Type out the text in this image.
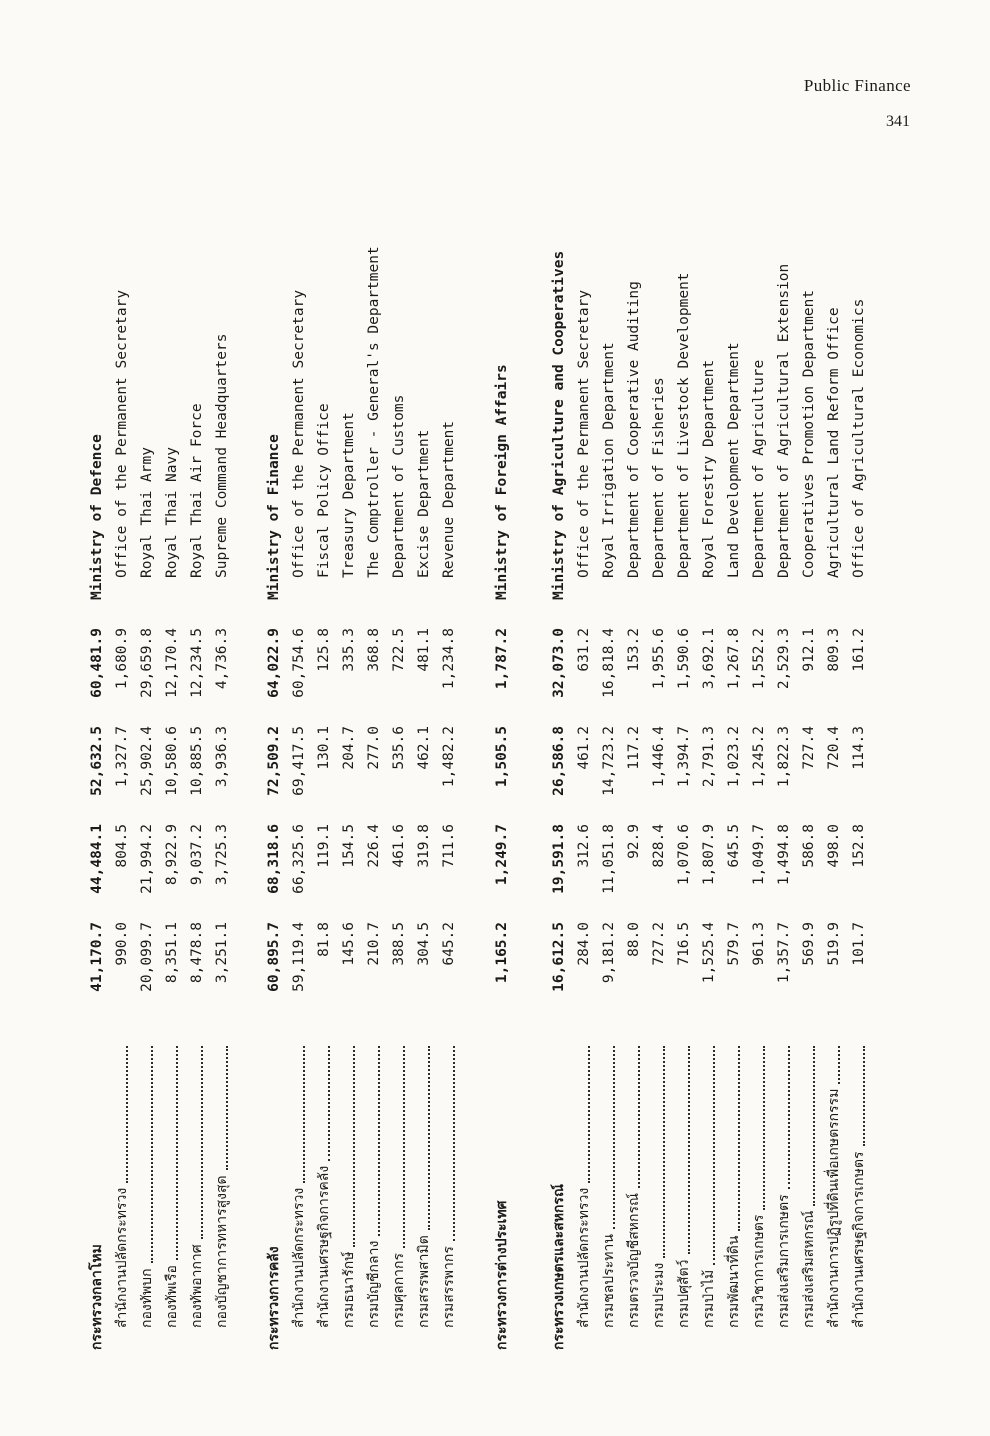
Public Finance
341
กระทรวงกลาโหม
41,170.7
44,484.1
52,632.5
60,481.9
Ministry of Defence
สำนักงานปลัดกระทรวง
990.0
804.5
1,327.7
1,680.9
Office of the Permanent Secretary
กองทัพบก
20,099.7
21,994.2
25,902.4
29,659.8
Royal Thai Army
กองทัพเรือ
8,351.1
8,922.9
10,580.6
12,170.4
Royal Thai Navy
กองทัพอากาศ
8,478.8
9,037.2
10,885.5
12,234.5
Royal Thai Air Force
กองบัญชาการทหารสูงสุด
3,251.1
3,725.3
3,936.3
4,736.3
Supreme Command Headquarters
กระทรวงการคลัง
60,895.7
68,318.6
72,509.2
64,022.9
Ministry of Finance
สำนักงานปลัดกระทรวง
59,119.4
66,325.6
69,417.5
60,754.6
Office of the Permanent Secretary
สำนักงานเศรษฐกิจการคลัง
81.8
119.1
130.1
125.8
Fiscal Policy Office
กรมธนารักษ์
145.6
154.5
204.7
335.3
Treasury Department
กรมบัญชีกลาง
210.7
226.4
277.0
368.8
The Comptroller - General's Department
กรมศุลกากร
388.5
461.6
535.6
722.5
Department of Customs
กรมสรรพสามิต
304.5
319.8
462.1
481.1
Excise Department
กรมสรรพากร
645.2
711.6
1,482.2
1,234.8
Revenue Department
กระทรวงการต่างประเทศ
1,165.2
1,249.7
1,505.5
1,787.2
Ministry of Foreign Affairs
กระทรวงเกษตรและสหกรณ์
16,612.5
19,591.8
26,586.8
32,073.0
Ministry of Agriculture and Cooperatives
สำนักงานปลัดกระทรวง
284.0
312.6
461.2
631.2
Office of the Permanent Secretary
กรมชลประทาน
9,181.2
11,051.8
14,723.2
16,818.4
Royal Irrigation Department
กรมตรวจบัญชีสหกรณ์
88.0
92.9
117.2
153.2
Department of Cooperative Auditing
กรมประมง
727.2
828.4
1,446.4
1,955.6
Department of Fisheries
กรมปศุสัตว์
716.5
1,070.6
1,394.7
1,590.6
Department of Livestock Development
กรมป่าไม้
1,525.4
1,807.9
2,791.3
3,692.1
Royal Forestry Department
กรมพัฒนาที่ดิน
579.7
645.5
1,023.2
1,267.8
Land Development Department
กรมวิชาการเกษตร
961.3
1,049.7
1,245.2
1,552.2
Department of Agriculture
กรมส่งเสริมการเกษตร
1,357.7
1,494.8
1,822.3
2,529.3
Department of Agricultural Extension
กรมส่งเสริมสหกรณ์
569.9
586.8
727.4
912.1
Cooperatives Promotion Department
สำนักงานการปฏิรูปที่ดินเพื่อเกษตรกรรม
519.9
498.0
720.4
809.3
Agricultural Land Reform Office
สำนักงานเศรษฐกิจการเกษตร
101.7
152.8
114.3
161.2
Office of Agricultural Economics
